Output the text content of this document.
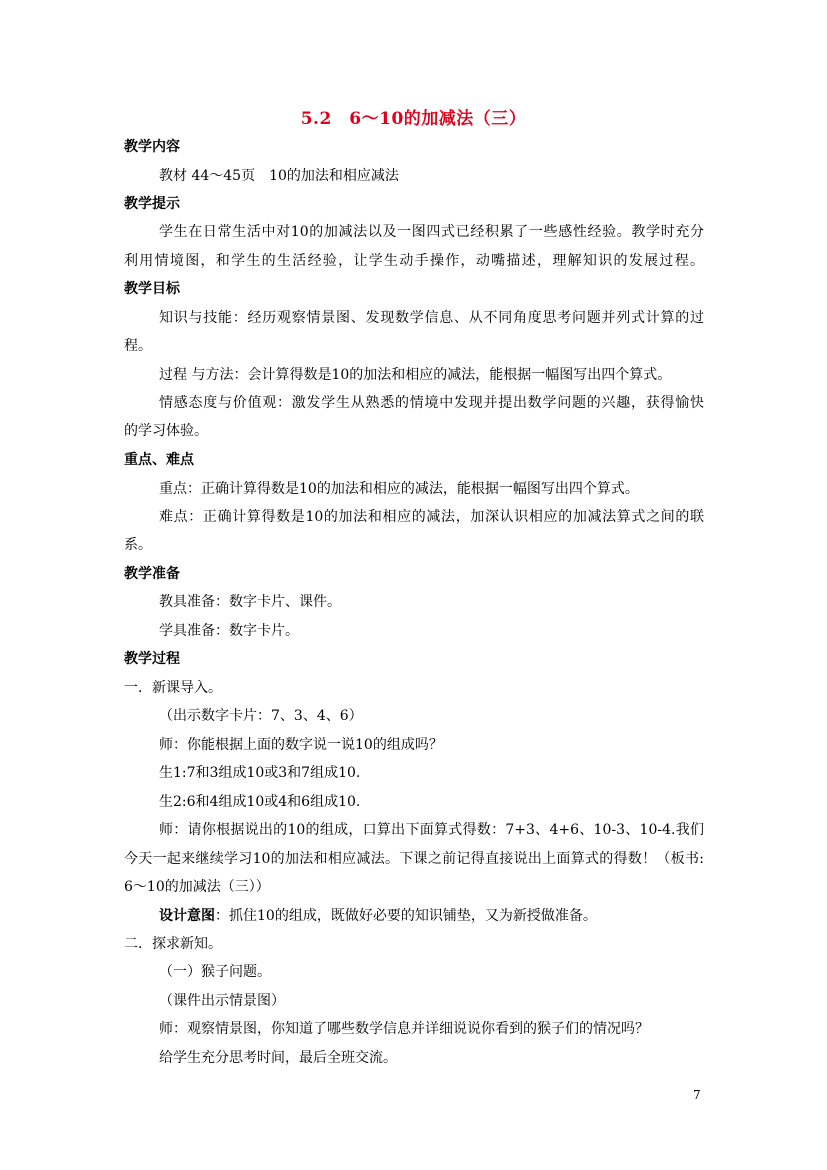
5.2　6～10的加减法（三）
教学内容
教材 44～45页　10的加法和相应减法
教学提示
学生在日常生活中对10的加减法以及一图四式已经积累了一些感性经验。教学时充分
利用情境图，和学生的生活经验，让学生动手操作，动嘴描述，理解知识的发展过程。
教学目标
知识与技能：经历观察情景图、发现数学信息、从不同角度思考问题并列式计算的过
程。
过程 与方法：会计算得数是10的加法和相应的减法，能根据一幅图写出四个算式。
情感态度与价值观：激发学生从熟悉的情境中发现并提出数学问题的兴趣，获得愉快
的学习体验。
重点、难点
重点：正确计算得数是10的加法和相应的减法，能根据一幅图写出四个算式。
难点：正确计算得数是10的加法和相应的减法，加深认识相应的加减法算式之间的联
系。
教学准备
教具准备：数字卡片、课件。
学具准备：数字卡片。
教学过程
一．新课导入。
（出示数字卡片：7、3、4、6）
师：你能根据上面的数字说一说10的组成吗？
生1:7和3组成10或3和7组成10.
生2:6和4组成10或4和6组成10.
师：请你根据说出的10的组成，口算出下面算式得数：7+3、4+6、10-3、10-4.我们
今天一起来继续学习10的加法和相应减法。下课之前记得直接说出上面算式的得数！（板书:
6～10的加减法（三））
设计意图：抓住10的组成，既做好必要的知识铺垫，又为新授做准备。
二．探求新知。
（一）猴子问题。
（课件出示情景图）
师：观察情景图，你知道了哪些数学信息并详细说说你看到的猴子们的情况吗？
给学生充分思考时间，最后全班交流。
7
